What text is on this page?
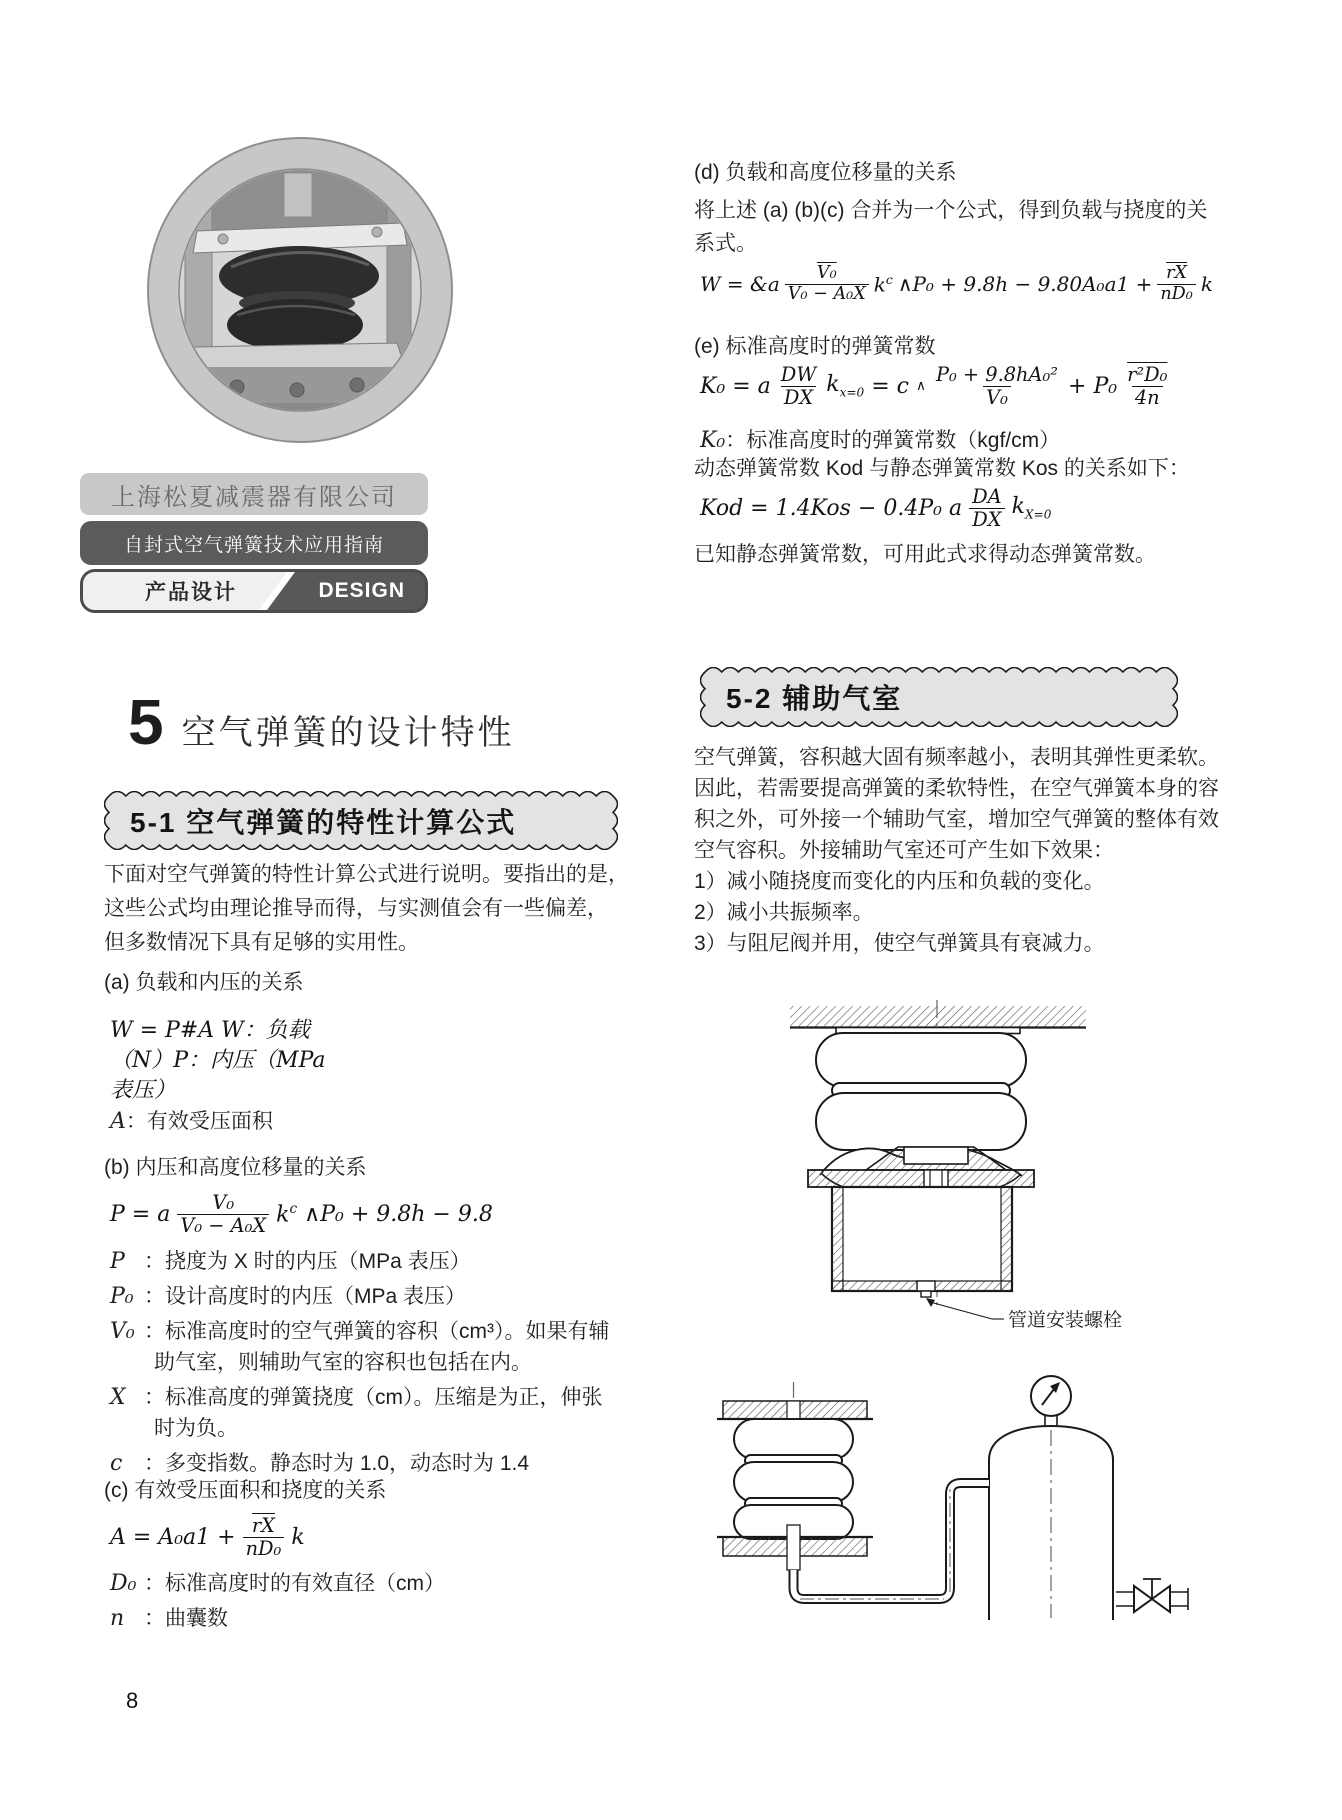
上海松夏减震器有限公司
自封式空气弹簧技术应用指南
产品设计	DESIGN
5 空气弹簧的设计特性
5-1 空气弹簧的特性计算公式
下面对空气弹簧的特性计算公式进行说明。要指出的是，
这些公式均由理论推导而得，与实测值会有一些偏差，
但多数情况下具有足够的实用性。
(a) 负载和内压的关系
W = P#A W：负载
（N）P：内压（MPa
表压）
A：有效受压面积
(b) 内压和高度位移量的关系
P = a $\frac{\text{V₀}}{\text{V₀ − A₀X}} k^c$ ∧P₀ + 9.8h − 9.8
P ：挠度为 X 时的内压（MPa 表压）
P₀ ：设计高度时的内压（MPa 表压）
V₀ ：标准高度时的空气弹簧的容积（cm³）。如果有辅
助气室，则辅助气室的容积也包括在内。
X ：标准高度的弹簧挠度（cm）。压缩是为正，伸张
时为负。
c ：多变指数。静态时为 1.0，动态时为 1.4
(c) 有效受压面积和挠度的关系
$A = A_0a1 + \frac{\overline{rX}}{\text{nD₀}}$ k
D₀ ：标准高度时的有效直径（cm）
n ：曲囊数
8
(d) 负载和高度位移量的关系
将上述 (a) (b)(c) 合并为一个公式，得到负载与挠度的关
系式。
W = &a $\frac{\text{V₀}}{\text{V₀ − A₀X}} k^c$ ∧P₀ + $9.8h - 9.80A_0a1 + \frac{\overline{rX}}{\text{nD₀}}$ k
(e) 标准高度时的弹簧常数
K₀ = a $\frac{DW}{DX} k_{x=0} = c$ ∧ $\frac{\text{P₀ + 9.8hA₀²}}{\text{V₀}} + P_0 \frac{\text{r²D₀}}{4n}$
K₀：标准高度时的弹簧常数（kgf/cm）
动态弹簧常数 Kod 与静态弹簧常数 Kos 的关系如下：
Kod = 1.4Kos − 0.4P₀ a $\frac{DA}{DX} k_{X=0}$
已知静态弹簧常数，可用此式求得动态弹簧常数。
5-2 辅助气室
空气弹簧，容积越大固有频率越小，表明其弹性更柔软。
因此，若需要提高弹簧的柔软特性，在空气弹簧本身的容
积之外，可外接一个辅助气室，增加空气弹簧的整体有效
空气容积。外接辅助气室还可产生如下效果：
1）减小随挠度而变化的内压和负载的变化。
2）减小共振频率。
3）与阻尼阀并用，使空气弹簧具有衰减力。
管道安装螺栓
